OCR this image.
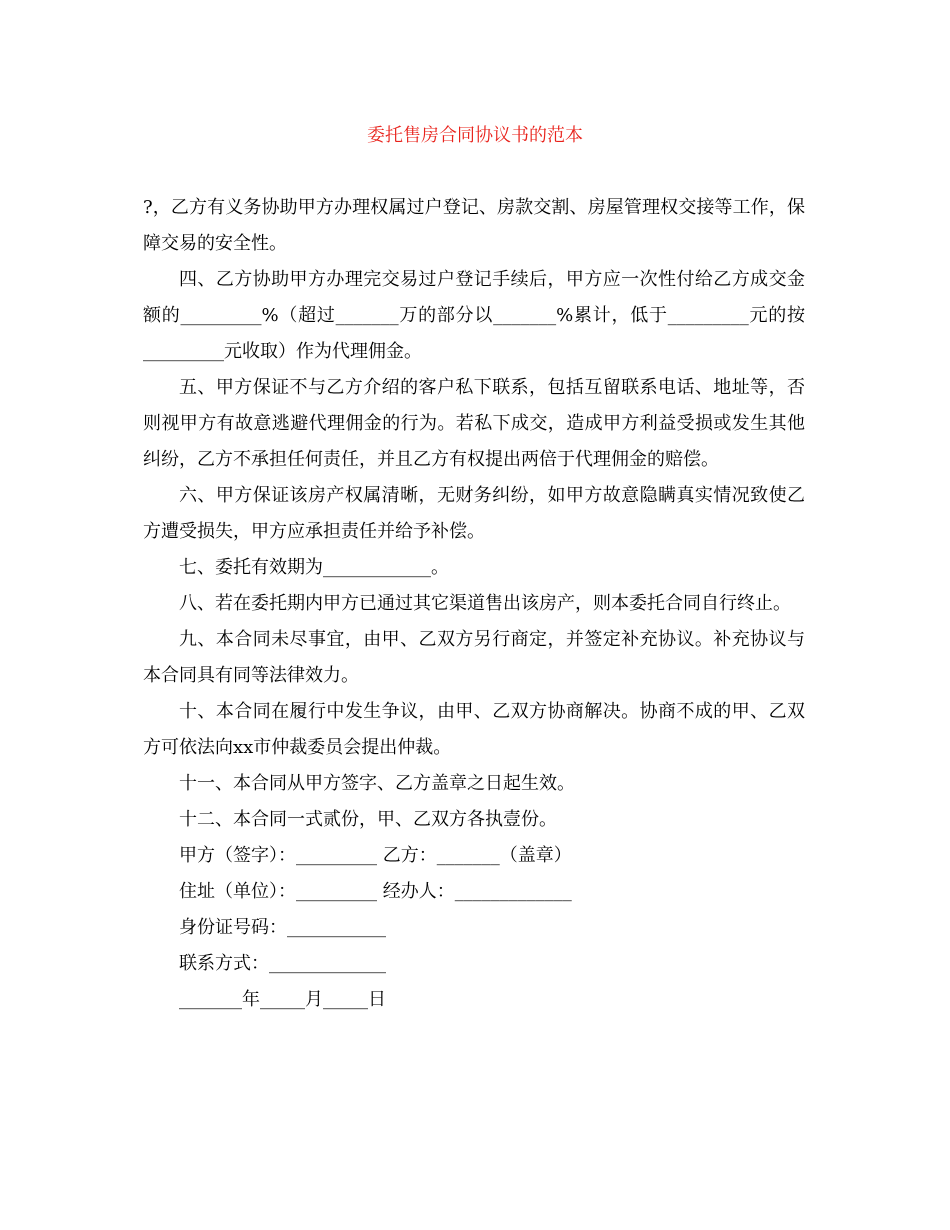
委托售房合同协议书的范本

?，乙方有义务协助甲方办理权属过户登记、房款交割、房屋管理权交接等工作，保障交易的安全性。

四、乙方协助甲方办理完交易过户登记手续后，甲方应一次性付给乙方成交金额的_________%（超过_______万的部分以_______%累计，低于_________元的按_________元收取）作为代理佣金。

五、甲方保证不与乙方介绍的客户私下联系，包括互留联系电话、地址等，否则视甲方有故意逃避代理佣金的行为。若私下成交，造成甲方利益受损或发生其他纠纷，乙方不承担任何责任，并且乙方有权提出两倍于代理佣金的赔偿。

六、甲方保证该房产权属清晰，无财务纠纷，如甲方故意隐瞒真实情况致使乙方遭受损失，甲方应承担责任并给予补偿。

七、委托有效期为____________。

八、若在委托期内甲方已通过其它渠道售出该房产，则本委托合同自行终止。

九、本合同未尽事宜，由甲、乙双方另行商定，并签定补充协议。补充协议与本合同具有同等法律效力。

十、本合同在履行中发生争议，由甲、乙双方协商解决。协商不成的甲、乙双方可依法向xx市仲裁委员会提出仲裁。

十一、本合同从甲方签字、乙方盖章之日起生效。

十二、本合同一式贰份，甲、乙双方各执壹份。

甲方（签字）：_________ 乙方：_______（盖章）

住址（单位）：_________ 经办人：_____________

身份证号码：___________

联系方式：_____________

_______年_____月_____日
